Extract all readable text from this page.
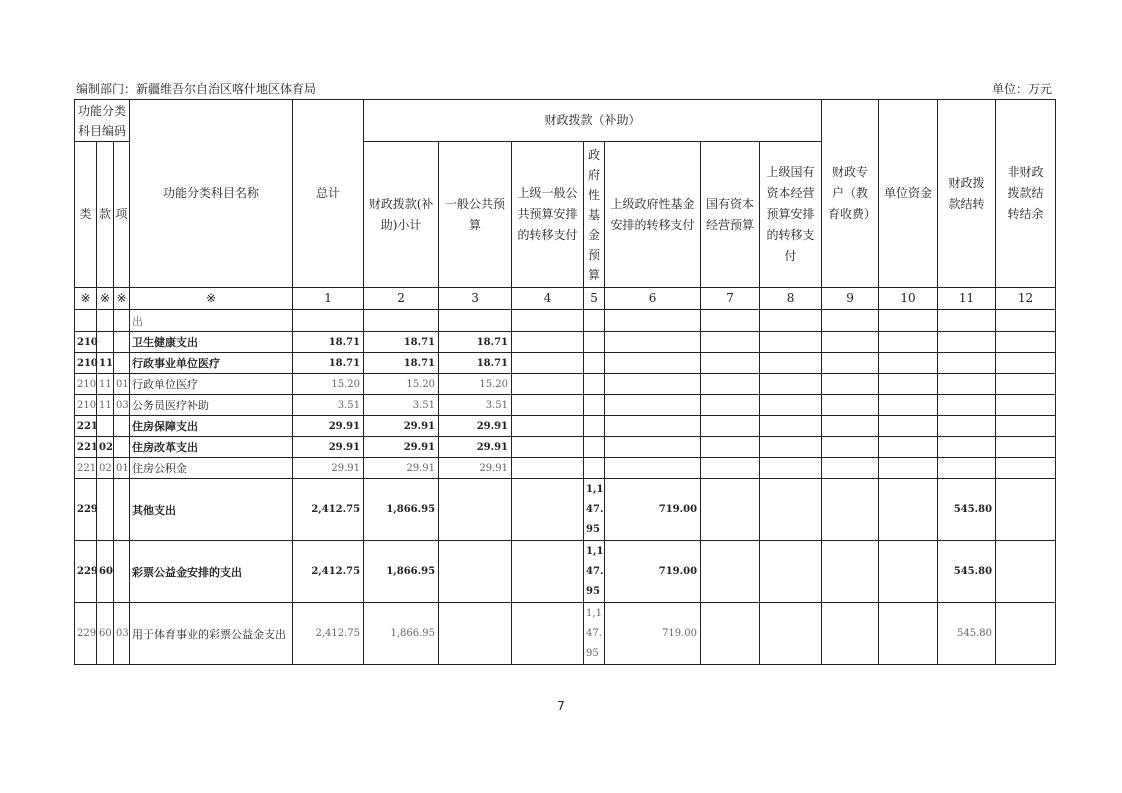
编制部门：新疆维吾尔自治区喀什地区体育局	单位：万元
功能分类科目编码			功能分类科目名称	总计	财政拨款（补助）							财政专户（教育收费）	单位资金	财政拨款结转	非财政拨款结转结余
类	款	项			财政拨款(补助)小计	一般公共预算	上级一般公共预算安排的转移支付	政府性基金预算	上级政府性基金安排的转移支付	国有资本经营预算	上级国有资本经营预算安排的转移支付				
※	※	※	※	1	2	3	4	5	6	7	8	9	10	11	12
			出												
210			卫生健康支出	18.71	18.71	18.71									
210	11		行政事业单位医疗	18.71	18.71	18.71									
210	11	01	行政单位医疗	15.20	15.20	15.20									
210	11	03	公务员医疗补助	3.51	3.51	3.51									
221			住房保障支出	29.91	29.91	29.91									
221	02		住房改革支出	29.91	29.91	29.91									
221	02	01	住房公积金	29.91	29.91	29.91									
229			其他支出	2,412.75	1,866.95			1,147.95	719.00					545.80	
229	60		彩票公益金安排的支出	2,412.75	1,866.95			1,147.95	719.00					545.80	
229	60	03	用于体育事业的彩票公益金支出	2,412.75	1,866.95			1,147.95	719.00					545.80	
7
